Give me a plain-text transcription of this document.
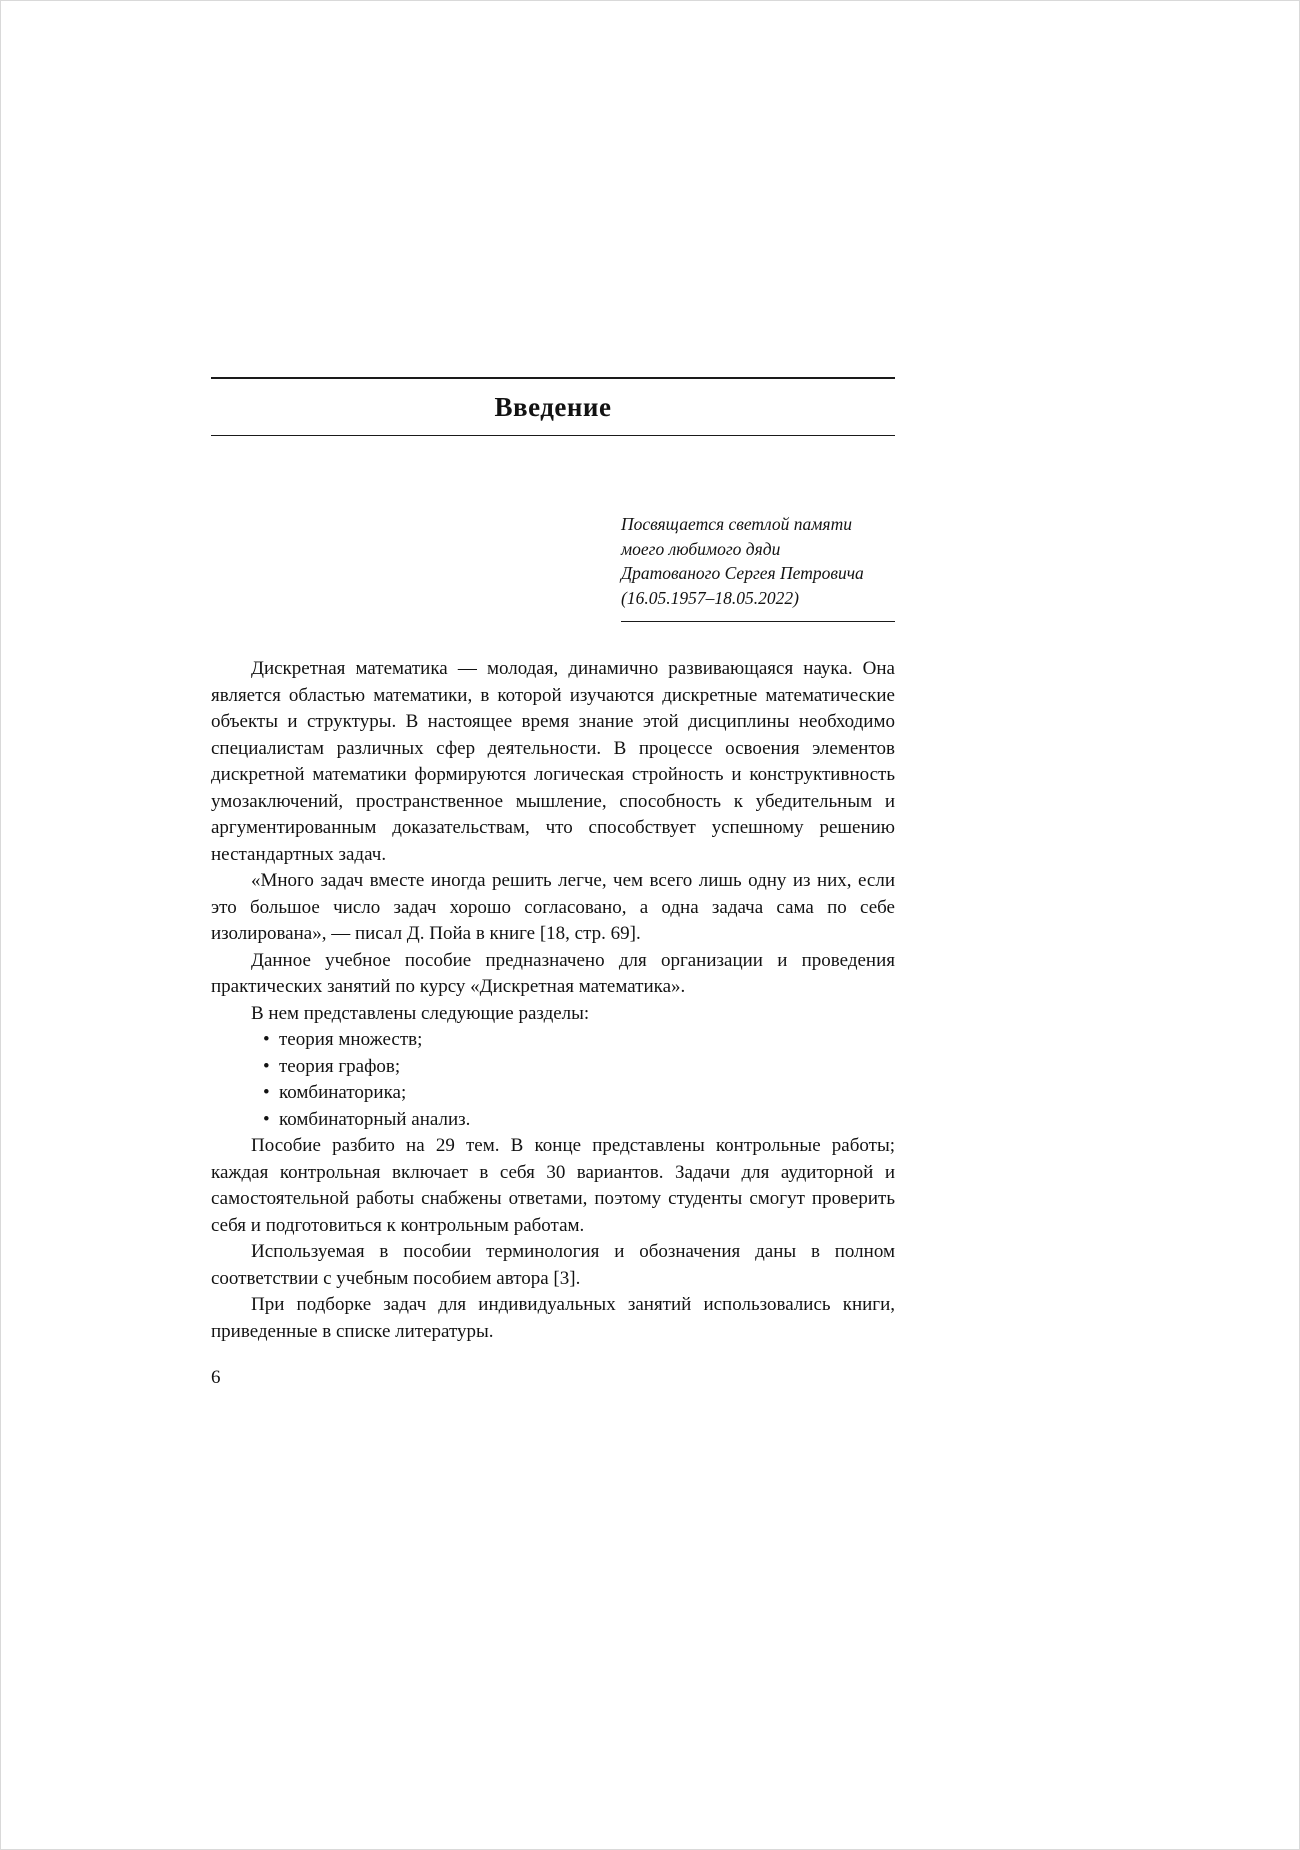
Введение
Посвящается светлой памяти
моего любимого дяди
Дратованого Сергея Петровича
(16.05.1957–18.05.2022)

Дискретная математика — молодая, динамично развивающаяся наука. Она является областью математики, в которой изучаются дискретные математические объекты и структуры. В настоящее время знание этой дисциплины необходимо специалистам различных сфер деятельности. В процессе освоения элементов дискретной математики формируются логическая стройность и конструктивность умозаключений, пространственное мышление, способность к убедительным и аргументированным доказательствам, что способствует успешному решению нестандартных задач.

«Много задач вместе иногда решить легче, чем всего лишь одну из них, если это большое число задач хорошо согласовано, а одна задача сама по себе изолирована», — писал Д. Пойа в книге [18, стр. 69].

Данное учебное пособие предназначено для организации и проведения практических занятий по курсу «Дискретная математика».

В нем представлены следующие разделы:

• теория множеств;
• теория графов;
• комбинаторика;
• комбинаторный анализ.

Пособие разбито на 29 тем. В конце представлены контрольные работы; каждая контрольная включает в себя 30 вариантов. Задачи для аудиторной и самостоятельной работы снабжены ответами, поэтому студенты смогут проверить себя и подготовиться к контрольным работам.

Используемая в пособии терминология и обозначения даны в полном соответствии с учебным пособием автора [3].

При подборке задач для индивидуальных занятий использовались книги, приведенные в списке литературы.

6
